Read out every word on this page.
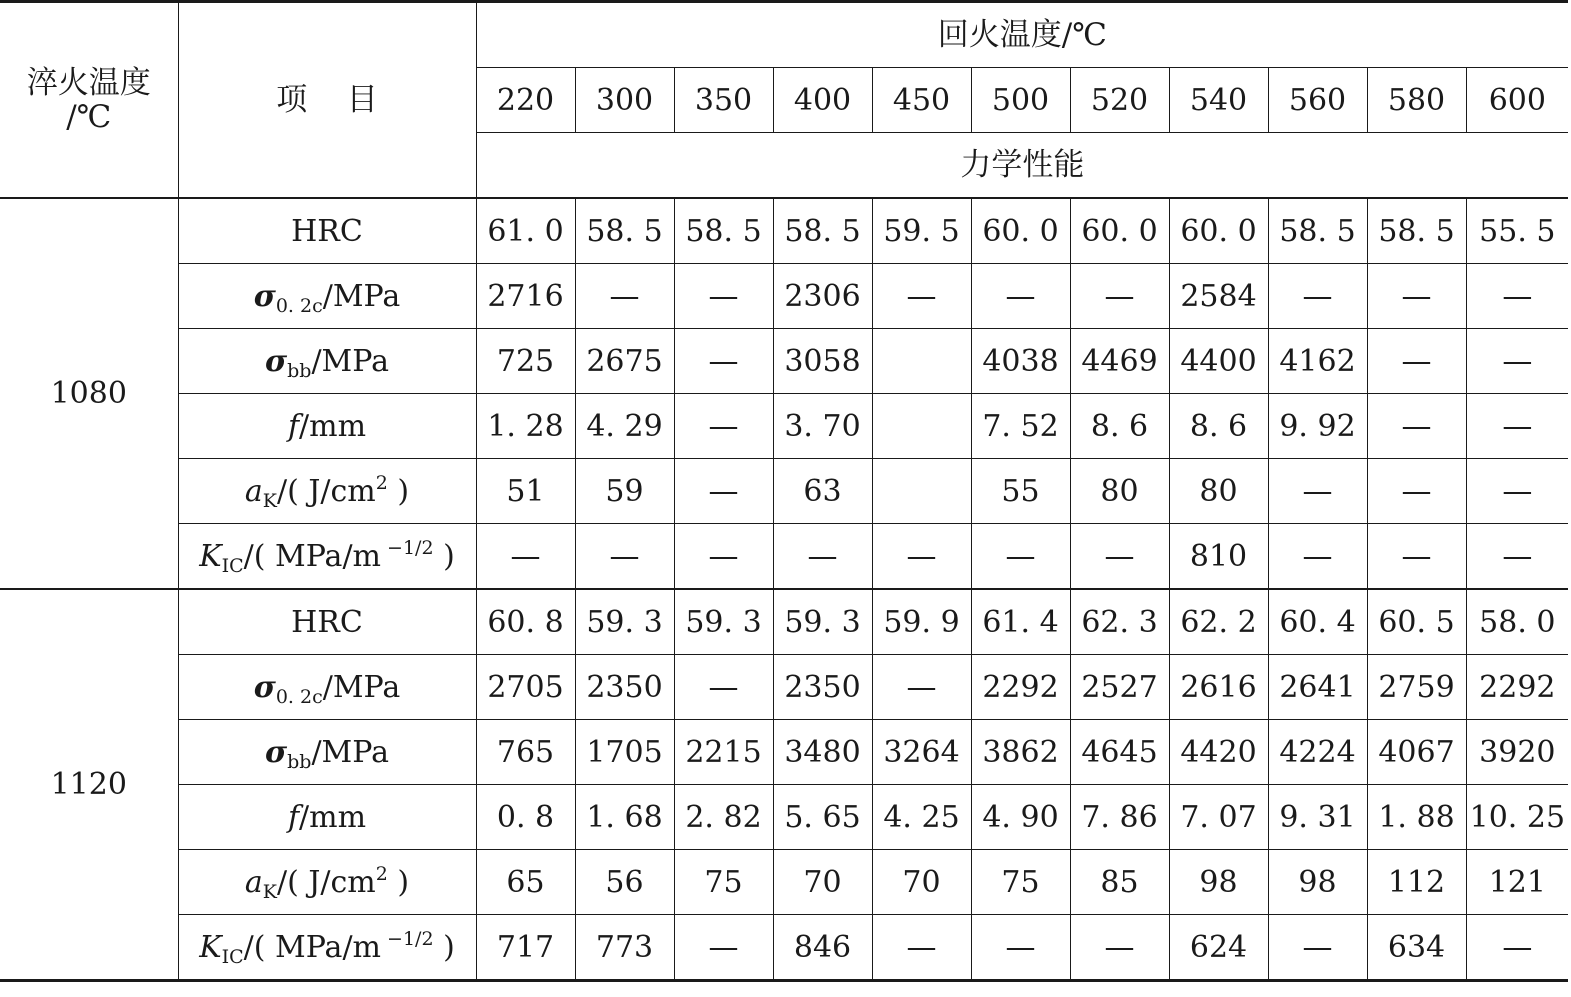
淬火温度
/℃	项    目	回火温度/℃										
		220	300	350	400	450	500	520	540	560	580	600
		力学性能										
1080	HRC	61. 0	58. 5	58. 5	58. 5	59. 5	60. 0	60. 0	60. 0	58. 5	58. 5	55. 5
	$\sigma_{0. 2c}$/MPa	2716	—	—	2306	—	—	—	2584	—	—	—
	$\sigma_{bb}$/MPa	725	2675	—	3058		4038	4469	4400	4162	—	—
	f/mm	1. 28	4. 29	—	3. 70		7. 52	8. 6	8. 6	9. 92	—	—
	$a_K/$( $J/cm^2$ )	51	59	—	63		55	80	80	—	—	—
	$K_{IC}/$( MPa/m $^{-1/2}$ )	—	—	—	—	—	—	—	810	—	—	—
1120	HRC	60. 8	59. 3	59. 3	59. 3	59. 9	61. 4	62. 3	62. 2	60. 4	60. 5	58. 0
	$\sigma_{0. 2c}$/MPa	2705	2350	—	2350	—	2292	2527	2616	2641	2759	2292
	$\sigma_{bb}$/MPa	765	1705	2215	3480	3264	3862	4645	4420	4224	4067	3920
	f/mm	0. 8	1. 68	2. 82	5. 65	4. 25	4. 90	7. 86	7. 07	9. 31	1. 88	10. 25
	$a_K/$( $J/cm^2$ )	65	56	75	70	70	75	85	98	98	112	121
	$K_{IC}/$( MPa/m $^{-1/2}$ )	717	773	—	846	—	—	—	624	—	634	—
